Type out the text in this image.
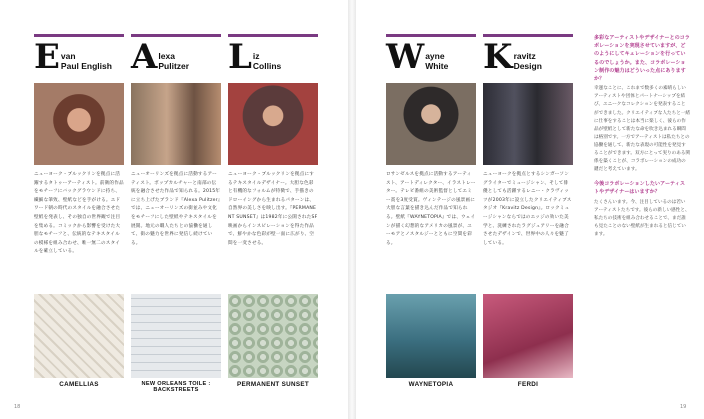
E van
Paul English
ニューヨーク・ブルックリンを拠点に活躍するタトゥーアーティスト。前衛的作品をモチーフにバックグラウンドに持ち、繊細な筆致、壁紙などを手がける。エドワード朝の時代のスタイルを融合させた壁紙を発表し、その独自の世界観で注目を集める。コミックから影響を受けた大胆なモチーフと、伝統的なテキスタイルの模様を組み合わせ、唯一無二のスタイルを確立している。
CAMELLIAS
A lexa
Pulitzer
ニューオーリンズを拠点に活動するアーティスト。ポップカルチャーと南部の伝統を融合させた作品で知られる。2015年に立ち上げたブランド『Alexa Pulitzer』では、ニューオーリンズの街並みや文化をモチーフにした壁紙やテキスタイルを展開。地元の職人たちとの協働を通して、街の魅力を世界に発信し続けている。
NEW ORLEANS TOILE : BACKSTREETS
L iz
Collins
ニューヨーク・ブルックリンを拠点にするテキスタイルデザイナー。大胆な色彩と有機的なフォルムが特徴で、手描きのドローイングから生まれるパターンは、自然界の美しさを映し出す。『PERMANENT SUNSET』は1982年に公開されたSF映画からインスピレーションを得た作品で、鮮やかな色彩が壁一面に広がり、空間を一変させる。
PERMANENT SUNSET
W ayne
White
ロサンゼルスを拠点に活動するアーティスト、アートディレクター、イラストレーター。テレビ番組の美術監督としてエミー賞を3度受賞。ヴィンテージの風景画に大胆な言葉を描き込んだ作品で知られる。壁紙『WAYNETOPIA』では、ウェインが描く幻想的なアメリカの風景が、ユーモアとノスタルジーとともに空間を彩る。
WAYNETOPIA
K ravitz
Design
ニューヨークを拠点とするシンガーソングライターでミュージシャン、そして俳優としても活躍するレニー・クラヴィッツが2003年に設立したクリエイティブスタジオ『Kravitz Design』。ロックミュージシャンならではのエッジの効いた美学と、洗練されたラグジュアリーを融合させたデザインで、世界中の人々を魅了している。
FERDI
多彩なアーティストやデザイナーとのコラボレーションを実現させていますが、どのようにしてキュレーションを行っているのでしょうか。また、コラボレーション制作の魅力はどういった点にありますか？
幸運なことに、これまで数多くの素晴らしいアーティストや団体とパートナーシップを結び、ユニークなコレクションを発表することができました。クリエイティブな人たちと一緒に仕事をすることは本当に楽しく、彼らの作品が壁紙として新たな命を吹き込まれる瞬間は格別です。一方でアーティストは私たちとの協働を通して、新たな表現の可能性を発見することができます。双方にとって実りのある関係を築くことが、コラボレーションの成功の鍵だと考えています。
今後コラボレーションしたいアーティストやデザイナーはいますか？
たくさんいます。今、注目しているのは若いアーティストたちです。彼らの新しい感性と、私たちの技術を組み合わせることで、まだ誰も見たことのない壁紙が生まれると信じています。
18	19
